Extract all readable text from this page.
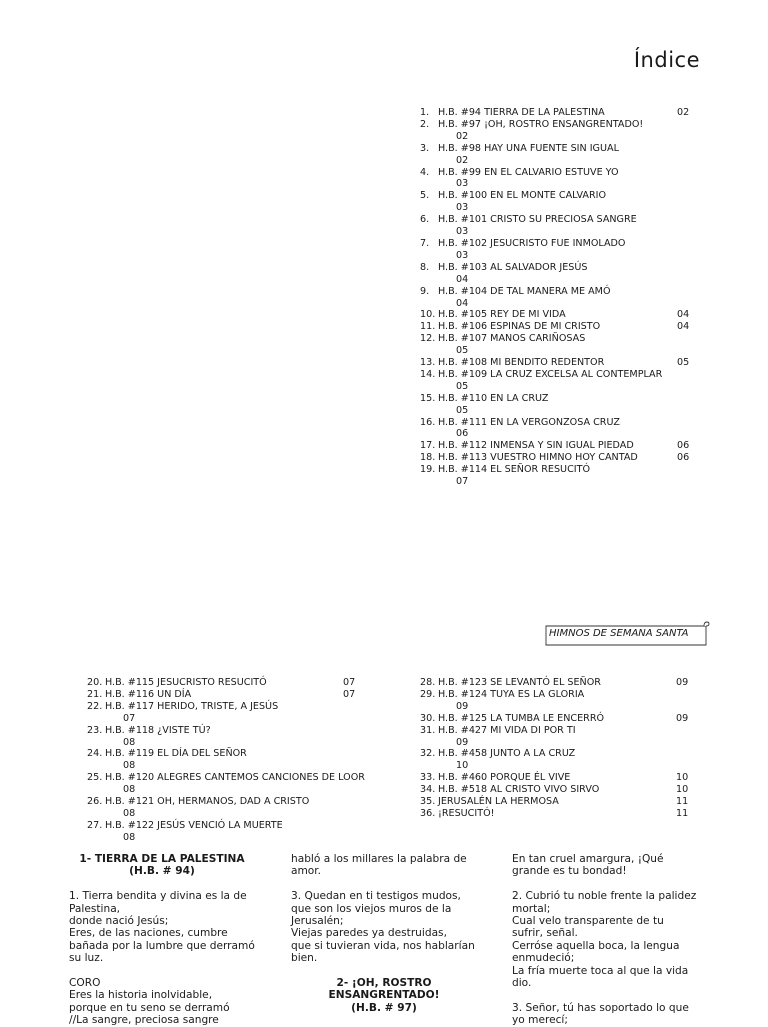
Índice
1. H.B. #94 TIERRA DE LA PALESTINA	02
2. H.B. #97 ¡OH, ROSTRO ENSANGRENTADO!
02
3. H.B. #98 HAY UNA FUENTE SIN IGUAL
02
4. H.B. #99 EN EL CALVARIO ESTUVE YO
03
5. H.B. #100 EN EL MONTE CALVARIO
03
6. H.B. #101 CRISTO SU PRECIOSA SANGRE
03
7. H.B. #102 JESUCRISTO FUE INMOLADO
03
8. H.B. #103 AL SALVADOR JESÚS
04
9. H.B. #104 DE TAL MANERA ME AMÓ
04
10. H.B. #105 REY DE MI VIDA	04
11. H.B. #106 ESPINAS DE MI CRISTO	04
12. H.B. #107 MANOS CARIÑOSAS
05
13. H.B. #108 MI BENDITO REDENTOR	05
14. H.B. #109 LA CRUZ EXCELSA AL CONTEMPLAR
05
15. H.B. #110 EN LA CRUZ
05
16. H.B. #111 EN LA VERGONZOSA CRUZ
06
17. H.B. #112 INMENSA Y SIN IGUAL PIEDAD	06
18. H.B. #113 VUESTRO HIMNO HOY CANTAD	06
19. H.B. #114 EL SEÑOR RESUCITÓ
07
HIMNOS DE SEMANA SANTA
20. H.B. #115 JESUCRISTO RESUCITÓ	07
21. H.B. #116 UN DÍA	07
22. H.B. #117 HERIDO, TRISTE, A JESÚS
07
23. H.B. #118 ¿VISTE TÚ?
08
24. H.B. #119 EL DÍA DEL SEÑOR
08
25. H.B. #120 ALEGRES CANTEMOS CANCIONES DE LOOR
08
26. H.B. #121 OH, HERMANOS, DAD A CRISTO
08
27. H.B. #122 JESÚS VENCIÓ LA MUERTE
08
28. H.B. #123 SE LEVANTÓ EL SEÑOR	09
29. H.B. #124 TUYA ES LA GLORIA
09
30. H.B. #125 LA TUMBA LE ENCERRÓ	09
31. H.B. #427 MI VIDA DI POR TI
09
32. H.B. #458 JUNTO A LA CRUZ
10
33. H.B. #460 PORQUE ÉL VIVE	10
34. H.B. #518 AL CRISTO VIVO SIRVO	10
35. JERUSALÉN LA HERMOSA	11
36. ¡RESUCITÓ!	11

1- TIERRA DE LA PALESTINA

(H.B. # 94)

1. Tierra bendita y divina es la de Palestina,

donde nació Jesús;

Eres, de las naciones, cumbre bañada por la lumbre que derramó su luz.

CORO

Eres la historia inolvidable,

porque en tu seno se derramó

//La sangre, preciosa sangre

habló a los millares la palabra de amor.

3. Quedan en ti testigos mudos,

que son los viejos muros de la Jerusalén;

Viejas paredes ya destruidas,

que si tuvieran vida, nos hablarían bien.

2- ¡OH, ROSTRO

ENSANGRENTADO!

(H.B. # 97)

En tan cruel amargura, ¡Qué grande es tu bondad!

2. Cubrió tu noble frente la palidez mortal;

Cual velo transparente de tu sufrir, señal.

Cerróse aquella boca, la lengua enmudeció;

La fría muerte toca al que la vida dio.

3. Señor, tú has soportado lo que yo merecí;
